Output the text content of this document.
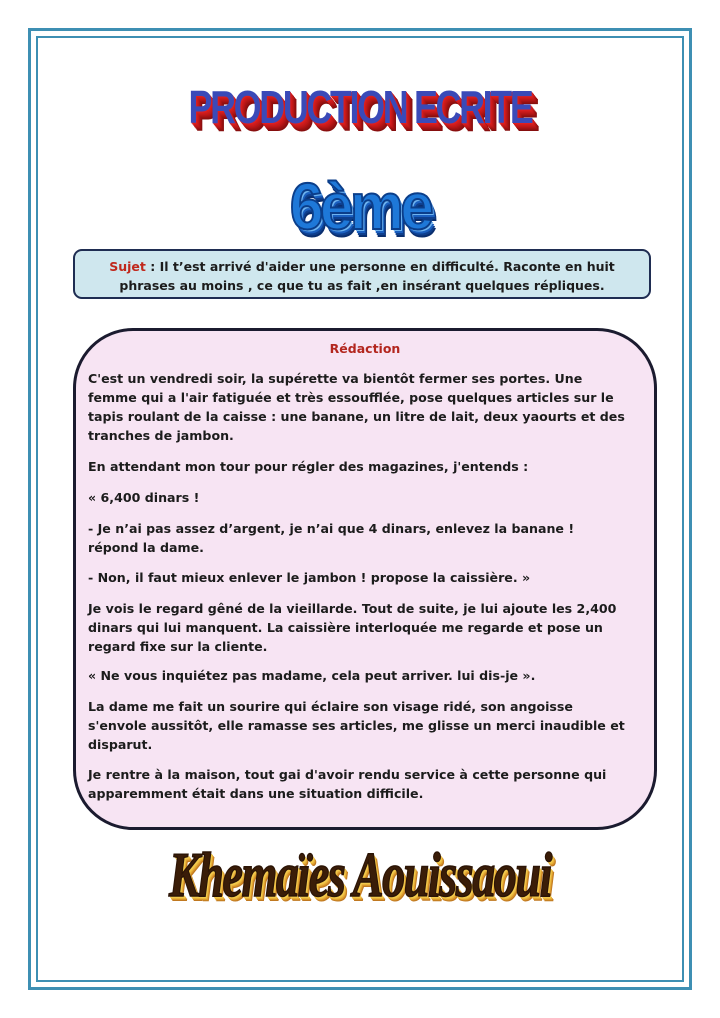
PRODUCTION ECRITE
6ème
Sujet : Il t’est arrivé d'aider une personne en difficulté. Raconte en huit phrases au moins , ce que tu as fait ,en insérant quelques répliques.
Rédaction

C'est un vendredi soir, la supérette va bientôt fermer ses portes. Une femme qui a l'air fatiguée et très essoufflée, pose quelques articles sur le tapis roulant de la caisse : une banane, un litre de lait, deux yaourts et des tranches de jambon.

En attendant mon tour pour régler des magazines, j'entends :

« 6,400 dinars !

- Je n’ai pas assez d’argent, je n’ai que 4 dinars, enlevez la banane ! répond la dame.

- Non, il faut mieux enlever le jambon ! propose la caissière. »

Je vois le regard gêné de la vieillarde. Tout de suite, je lui ajoute les 2,400 dinars qui lui manquent. La caissière interloquée me regarde et pose un regard fixe sur la cliente.

« Ne vous inquiétez pas madame, cela peut arriver. lui dis-je ».

La dame me fait un sourire qui éclaire son visage ridé, son angoisse s'envole aussitôt, elle ramasse ses articles, me glisse un merci inaudible et disparut.

Je rentre à la maison, tout gai d'avoir rendu service à cette personne qui apparemment était dans une situation difficile.

Khemaïes Aouissaoui
